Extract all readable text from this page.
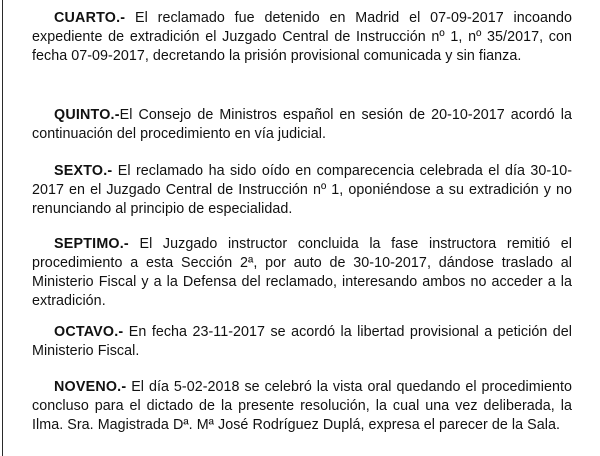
CUARTO.- El reclamado fue detenido en Madrid el 07-09-2017 incoando expediente de extradición el Juzgado Central de Instrucción nº 1, nº 35/2017, con fecha 07-09-2017, decretando la prisión provisional comunicada y sin fianza.

QUINTO.-El Consejo de Ministros español en sesión de 20-10-2017 acordó la continuación del procedimiento en vía judicial.

SEXTO.- El reclamado ha sido oído en comparecencia celebrada el día 30-10-2017 en el Juzgado Central de Instrucción nº 1, oponiéndose a su extradición y no renunciando al principio de especialidad.

SEPTIMO.- El Juzgado instructor concluida la fase instructora remitió el procedimiento a esta Sección 2ª, por auto de 30-10-2017, dándose traslado al Ministerio Fiscal y a la Defensa del reclamado, interesando ambos no acceder a la extradición.

OCTAVO.- En fecha 23-11-2017 se acordó la libertad provisional a petición del Ministerio Fiscal.

NOVENO.- El día 5-02-2018 se celebró la vista oral quedando el procedimiento concluso para el dictado de la presente resolución, la cual una vez deliberada, la Ilma. Sra. Magistrada Dª. Mª José Rodríguez Duplá, expresa el parecer de la Sala.
